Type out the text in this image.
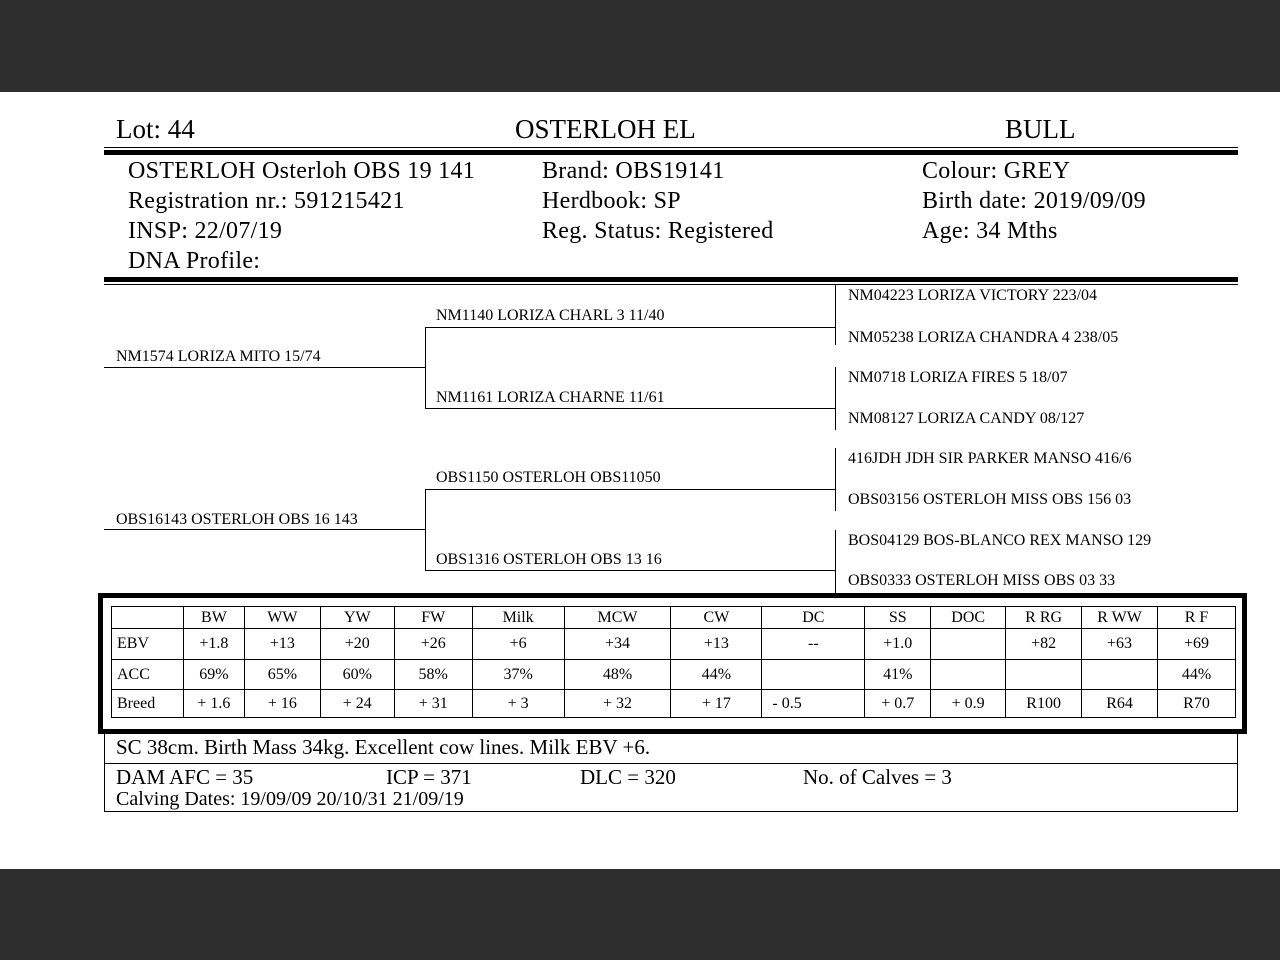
Lot: 44	OSTERLOH EL	BULL
OSTERLOH Osterloh OBS 19 141
Registration nr.: 591215421
INSP: 22/07/19
DNA Profile:
Brand: OBS19141
Herdbook: SP
Reg. Status: Registered
Colour: GREY
Birth date: 2019/09/09
Age: 34 Mths
NM1574 LORIZA MITO 15/74
OBS16143 OSTERLOH OBS 16 143
NM1140 LORIZA CHARL 3 11/40
NM1161 LORIZA CHARNE 11/61
OBS1150 OSTERLOH OBS11050
OBS1316 OSTERLOH OBS 13 16
NM04223 LORIZA VICTORY 223/04
NM05238 LORIZA CHANDRA 4 238/05
NM0718 LORIZA FIRES 5 18/07
NM08127 LORIZA CANDY 08/127
416JDH JDH SIR PARKER MANSO 416/6
OBS03156 OSTERLOH MISS OBS 156 03
BOS04129 BOS-BLANCO REX MANSO 129
OBS0333 OSTERLOH MISS OBS 03 33
	BW	WW	YW	FW	Milk	MCW	CW	DC	SS	DOC	R RG	R WW	R F
EBV	+1.8	+13	+20	+26	+6	+34	+13	--	+1.0		+82	+63	+69
ACC	69%	65%	60%	58%	37%	48%	44%		41%				44%
Breed	+ 1.6	+ 16	+ 24	+ 31	+ 3	+ 32	+ 17	- 0.5	+ 0.7	+ 0.9	R100	R64	R70
SC 38cm. Birth Mass 34kg. Excellent cow lines. Milk EBV +6.
DAM AFC = 35	ICP = 371	DLC = 320	No. of Calves = 3
Calving Dates: 19/09/09 20/10/31 21/09/19
